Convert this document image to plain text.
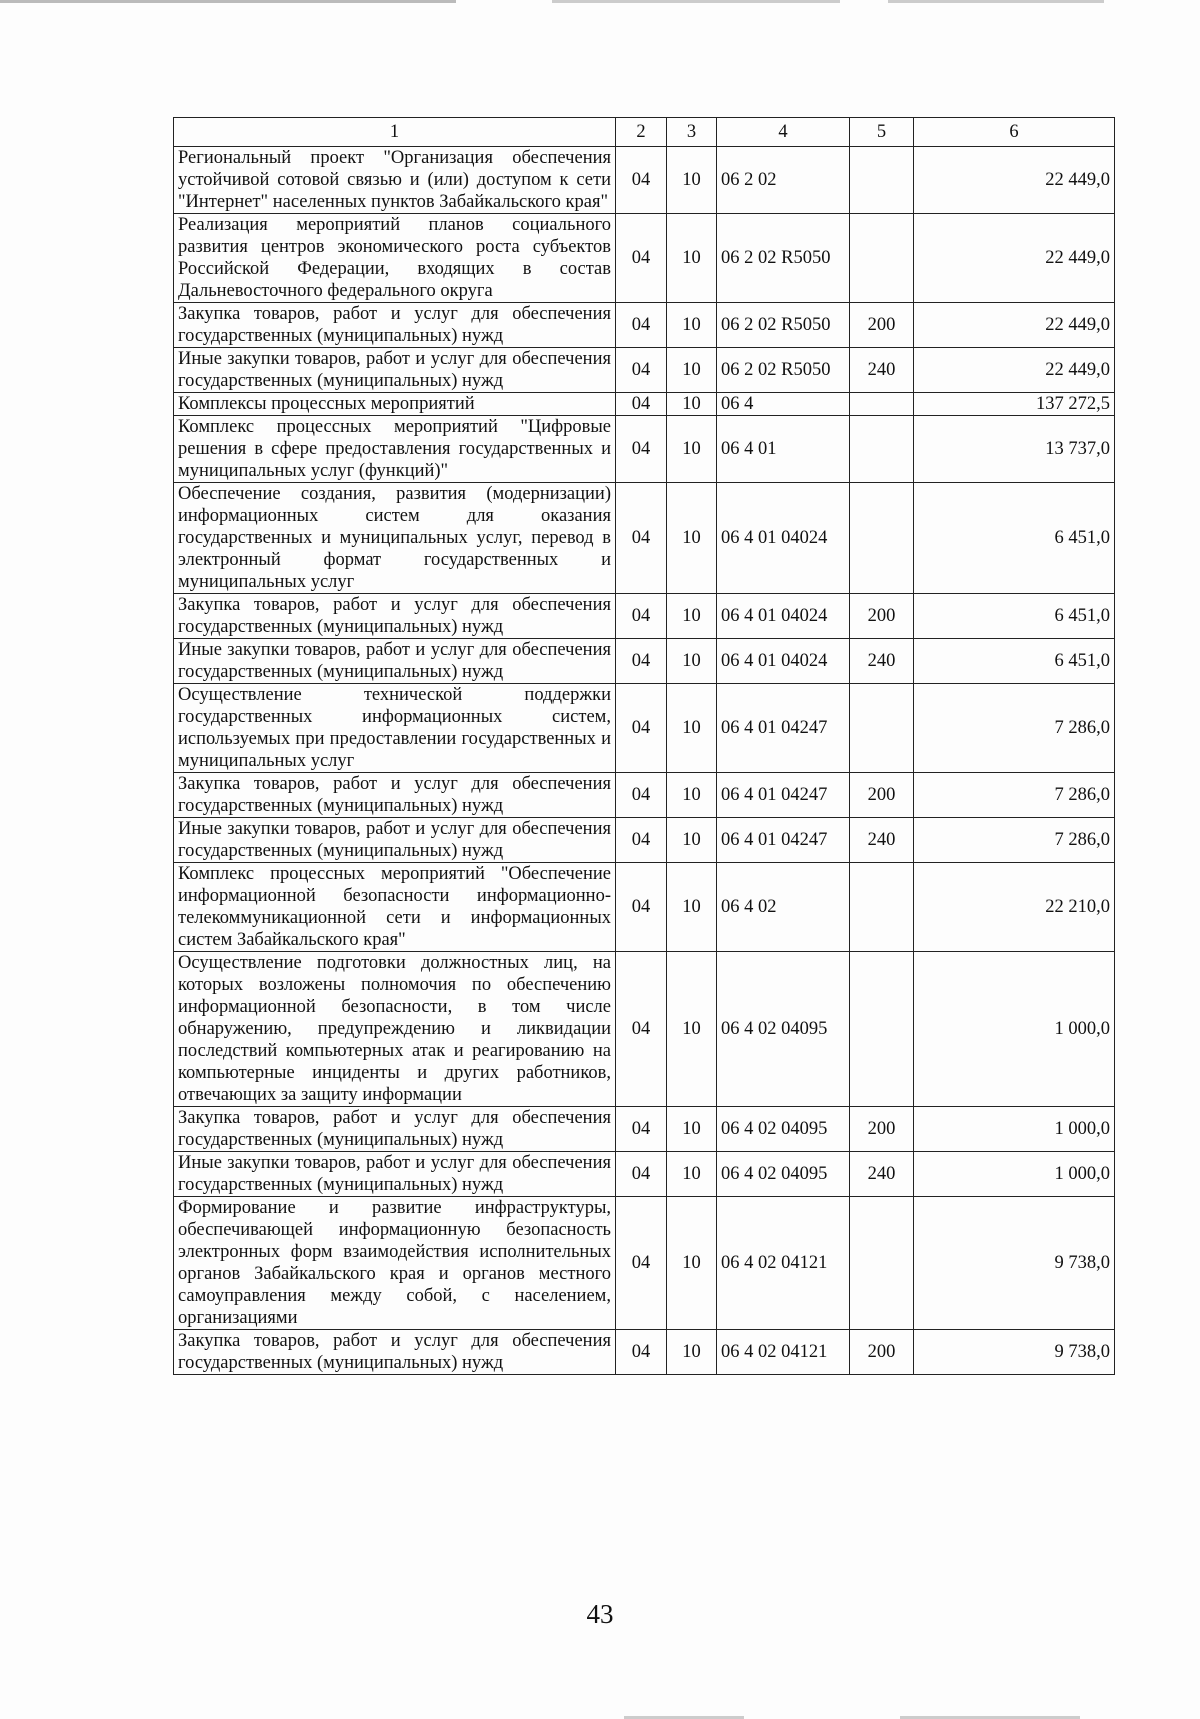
1	2	3	4	5	6
Региональный проект "Организация обеспечения устойчивой сотовой связью и (или) доступом к сети "Интернет" населенных пунктов Забайкальского края"	04	10	06 2 02		22 449,0
Реализация мероприятий планов социального развития центров экономического роста субъектов Российской Федерации, входящих в состав Дальневосточного федерального округа	04	10	06 2 02 R5050		22 449,0
Закупка товаров, работ и услуг для обеспечения государственных (муниципальных) нужд	04	10	06 2 02 R5050	200	22 449,0
Иные закупки товаров, работ и услуг для обеспечения государственных (муниципальных) нужд	04	10	06 2 02 R5050	240	22 449,0
Комплексы процессных мероприятий	04	10	06 4		137 272,5
Комплекс процессных мероприятий "Цифровые решения в сфере предоставления государственных и муниципальных услуг (функций)"	04	10	06 4 01		13 737,0
Обеспечение создания, развития (модернизации) информационных систем для оказания государственных и муниципальных услуг, перевод в электронный формат государственных и муниципальных услуг	04	10	06 4 01 04024		6 451,0
Закупка товаров, работ и услуг для обеспечения государственных (муниципальных) нужд	04	10	06 4 01 04024	200	6 451,0
Иные закупки товаров, работ и услуг для обеспечения государственных (муниципальных) нужд	04	10	06 4 01 04024	240	6 451,0
Осуществление технической поддержки государственных информационных систем, используемых при предоставлении государственных и муниципальных услуг	04	10	06 4 01 04247		7 286,0
Закупка товаров, работ и услуг для обеспечения государственных (муниципальных) нужд	04	10	06 4 01 04247	200	7 286,0
Иные закупки товаров, работ и услуг для обеспечения государственных (муниципальных) нужд	04	10	06 4 01 04247	240	7 286,0
Комплекс процессных мероприятий "Обеспечение информационной безопасности информационно-телекоммуникационной сети и информационных систем Забайкальского края"	04	10	06 4 02		22 210,0
Осуществление подготовки должностных лиц, на которых возложены полномочия по обеспечению информационной безопасности, в том числе обнаружению, предупреждению и ликвидации последствий компьютерных атак и реагированию на компьютерные инциденты и других работников, отвечающих за защиту информации	04	10	06 4 02 04095		1 000,0
Закупка товаров, работ и услуг для обеспечения государственных (муниципальных) нужд	04	10	06 4 02 04095	200	1 000,0
Иные закупки товаров, работ и услуг для обеспечения государственных (муниципальных) нужд	04	10	06 4 02 04095	240	1 000,0
Формирование и развитие инфраструктуры, обеспечивающей информационную безопасность электронных форм взаимодействия исполнительных органов Забайкальского края и органов местного самоуправления между собой, с населением, организациями	04	10	06 4 02 04121		9 738,0
Закупка товаров, работ и услуг для обеспечения государственных (муниципальных) нужд	04	10	06 4 02 04121	200	9 738,0
43
